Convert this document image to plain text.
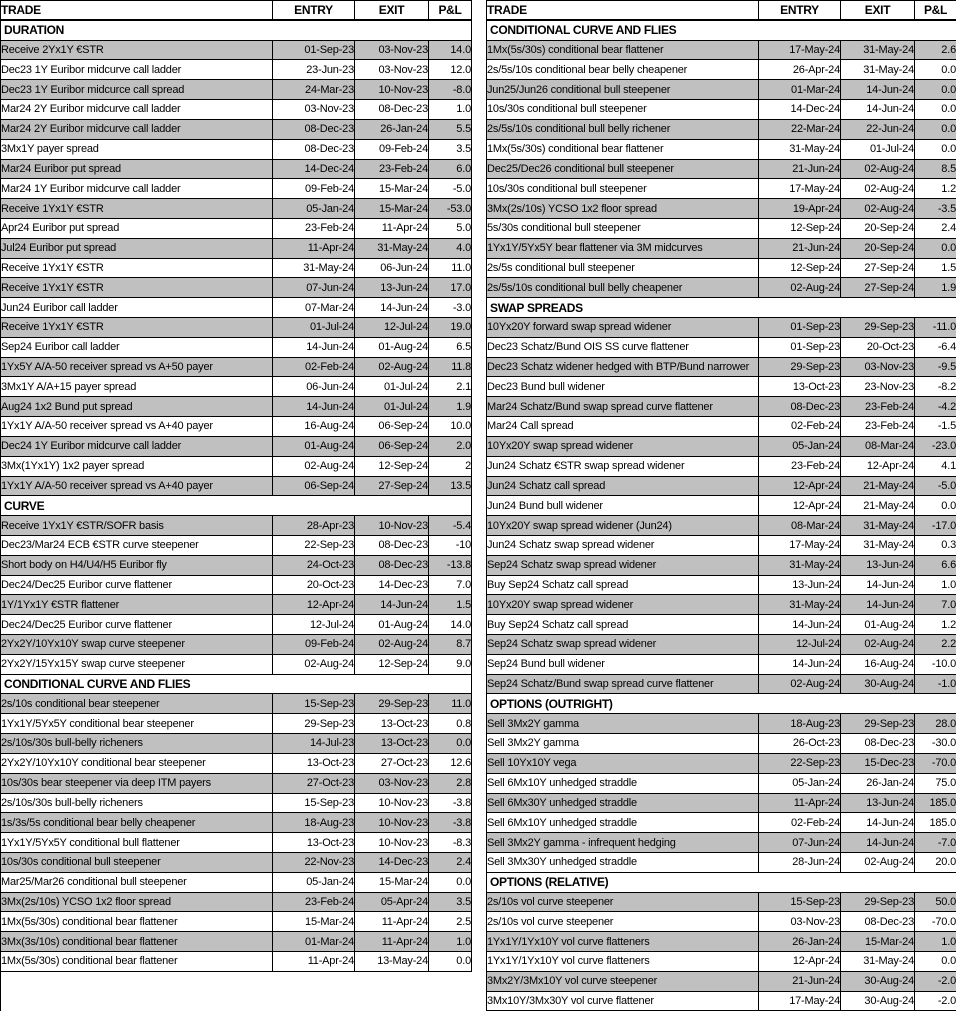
TRADE	ENTRY	EXIT	P&L
DURATION			
Receive 2Yx1Y €STR	01-Sep-23	03-Nov-23	14.0
Dec23 1Y Euribor midcurve call ladder	23-Jun-23	03-Nov-23	12.0
Dec23 1Y Euribor midcurce call spread	24-Mar-23	10-Nov-23	-8.0
Mar24 2Y Euribor midcurve call ladder	03-Nov-23	08-Dec-23	1.0
Mar24 2Y Euribor midcurve call ladder	08-Dec-23	26-Jan-24	5.5
3Mx1Y payer spread	08-Dec-23	09-Feb-24	3.5
Mar24 Euribor put spread	14-Dec-24	23-Feb-24	6.0
Mar24 1Y Euribor midcurve call ladder	09-Feb-24	15-Mar-24	-5.0
Receive 1Yx1Y €STR	05-Jan-24	15-Mar-24	-53.0
Apr24 Euribor put spread	23-Feb-24	11-Apr-24	5.0
Jul24 Euribor put spread	11-Apr-24	31-May-24	4.0
Receive 1Yx1Y €STR	31-May-24	06-Jun-24	11.0
Receive 1Yx1Y €STR	07-Jun-24	13-Jun-24	17.0
Jun24 Euribor call ladder	07-Mar-24	14-Jun-24	-3.0
Receive 1Yx1Y €STR	01-Jul-24	12-Jul-24	19.0
Sep24 Euribor call ladder	14-Jun-24	01-Aug-24	6.5
1Yx5Y A/A-50 receiver spread vs A+50 payer	02-Feb-24	02-Aug-24	11.8
3Mx1Y A/A+15 payer spread	06-Jun-24	01-Jul-24	2.1
Aug24 1x2 Bund put spread	14-Jun-24	01-Jul-24	1.9
1Yx1Y A/A-50 receiver spread vs A+40 payer	16-Aug-24	06-Sep-24	10.0
Dec24 1Y Euribor midcurve call ladder	01-Aug-24	06-Sep-24	2.0
3Mx(1Yx1Y) 1x2 payer spread	02-Aug-24	12-Sep-24	2
1Yx1Y A/A-50 receiver spread vs A+40 payer	06-Sep-24	27-Sep-24	13.5
CURVE			
Receive 1Yx1Y €STR/SOFR basis	28-Apr-23	10-Nov-23	-5.4
Dec23/Mar24 ECB €STR curve steepener	22-Sep-23	08-Dec-23	-10
Short body on H4/U4/H5 Euribor fly	24-Oct-23	08-Dec-23	-13.8
Dec24/Dec25 Euribor curve flattener	20-Oct-23	14-Dec-23	7.0
1Y/1Yx1Y €STR flattener	12-Apr-24	14-Jun-24	1.5
Dec24/Dec25 Euribor curve flattener	12-Jul-24	01-Aug-24	14.0
2Yx2Y/10Yx10Y swap curve steepener	09-Feb-24	02-Aug-24	8.7
2Yx2Y/15Yx15Y swap curve steepener	02-Aug-24	12-Sep-24	9.0
CONDITIONAL CURVE AND FLIES			
2s/10s conditional bear steepener	15-Sep-23	29-Sep-23	11.0
1Yx1Y/5Yx5Y conditional bear steepener	29-Sep-23	13-Oct-23	0.8
2s/10s/30s bull-belly richeners	14-Jul-23	13-Oct-23	0.0
2Yx2Y/10Yx10Y conditional bear steepener	13-Oct-23	27-Oct-23	12.6
10s/30s bear steepener via deep ITM payers	27-Oct-23	03-Nov-23	2.8
2s/10s/30s bull-belly richeners	15-Sep-23	10-Nov-23	-3.8
1s/3s/5s conditional bear belly cheapener	18-Aug-23	10-Nov-23	-3.8
1Yx1Y/5Yx5Y conditional bull flattener	13-Oct-23	10-Nov-23	-8.3
10s/30s conditional bull steepener	22-Nov-23	14-Dec-23	2.4
Mar25/Mar26 conditional bull steepener	05-Jan-24	15-Mar-24	0.0
3Mx(2s/10s) YCSO 1x2 floor spread	23-Feb-24	05-Apr-24	3.5
1Mx(5s/30s) conditional bear flattener	15-Mar-24	11-Apr-24	2.5
3Mx(3s/10s) conditional bear flattener	01-Mar-24	11-Apr-24	1.0
1Mx(5s/30s) conditional bear flattener	11-Apr-24	13-May-24	0.0
TRADE	ENTRY	EXIT	P&L
CONDITIONAL CURVE AND FLIES			
1Mx(5s/30s) conditional bear flattener	17-May-24	31-May-24	2.6
2s/5s/10s conditional bear belly cheapener	26-Apr-24	31-May-24	0.0
Jun25/Jun26 conditional bull steepener	01-Mar-24	14-Jun-24	0.0
10s/30s conditional bull steepener	14-Dec-24	14-Jun-24	0.0
2s/5s/10s conditional bull belly richener	22-Mar-24	22-Jun-24	0.0
1Mx(5s/30s) conditional bear flattener	31-May-24	01-Jul-24	0.0
Dec25/Dec26 conditional bull steepener	21-Jun-24	02-Aug-24	8.5
10s/30s conditional bull steepener	17-May-24	02-Aug-24	1.2
3Mx(2s/10s) YCSO 1x2 floor spread	19-Apr-24	02-Aug-24	-3.5
5s/30s conditional bull steepener	12-Sep-24	20-Sep-24	2.4
1Yx1Y/5Yx5Y bear flattener via 3M midcurves	21-Jun-24	20-Sep-24	0.0
2s/5s conditional bull steepener	12-Sep-24	27-Sep-24	1.5
2s/5s/10s conditional bull belly cheapener	02-Aug-24	27-Sep-24	1.9
SWAP SPREADS			
10Yx20Y forward swap spread widener	01-Sep-23	29-Sep-23	-11.0
Dec23 Schatz/Bund OIS SS curve flattener	01-Sep-23	20-Oct-23	-6.4
Dec23 Schatz widener hedged with BTP/Bund narrower	29-Sep-23	03-Nov-23	-9.5
Dec23 Bund bull widener	13-Oct-23	23-Nov-23	-8.2
Mar24 Schatz/Bund swap spread curve flattener	08-Dec-23	23-Feb-24	-4.2
Mar24 Call spread	02-Feb-24	23-Feb-24	-1.5
10Yx20Y swap spread widener	05-Jan-24	08-Mar-24	-23.0
Jun24 Schatz €STR swap spread widener	23-Feb-24	12-Apr-24	4.1
Jun24 Schatz call spread	12-Apr-24	21-May-24	-5.0
Jun24 Bund bull widener	12-Apr-24	21-May-24	0.0
10Yx20Y swap spread widener (Jun24)	08-Mar-24	31-May-24	-17.0
Jun24 Schatz swap spread widener	17-May-24	31-May-24	0.3
Sep24 Schatz swap spread widener	31-May-24	13-Jun-24	6.6
Buy Sep24 Schatz call spread	13-Jun-24	14-Jun-24	1.0
10Yx20Y swap spread widener	31-May-24	14-Jun-24	7.0
Buy Sep24 Schatz call spread	14-Jun-24	01-Aug-24	1.2
Sep24 Schatz swap spread widener	12-Jul-24	02-Aug-24	2.2
Sep24 Bund bull widener	14-Jun-24	16-Aug-24	-10.0
Sep24 Schatz/Bund swap spread curve flattener	02-Aug-24	30-Aug-24	-1.0
OPTIONS (OUTRIGHT)			
Sell 3Mx2Y gamma	18-Aug-23	29-Sep-23	28.0
Sell 3Mx2Y gamma	26-Oct-23	08-Dec-23	-30.0
Sell 10Yx10Y vega	22-Sep-23	15-Dec-23	-70.0
Sell 6Mx10Y unhedged straddle	05-Jan-24	26-Jan-24	75.0
Sell 6Mx30Y unhedged straddle	11-Apr-24	13-Jun-24	185.0
Sell 6Mx10Y unhedged straddle	02-Feb-24	14-Jun-24	185.0
Sell 3Mx2Y gamma - infrequent hedging	07-Jun-24	14-Jun-24	-7.0
Sell 3Mx30Y unhedged straddle	28-Jun-24	02-Aug-24	20.0
OPTIONS (RELATIVE)			
2s/10s vol curve steepener	15-Sep-23	29-Sep-23	50.0
2s/10s vol curve steepener	03-Nov-23	08-Dec-23	-70.0
1Yx1Y/1Yx10Y vol curve flatteners	26-Jan-24	15-Mar-24	1.0
1Yx1Y/1Yx10Y vol curve flatteners	12-Apr-24	31-May-24	0.0
3Mx2Y/3Mx10Y vol curve steepener	21-Jun-24	30-Aug-24	-2.0
3Mx10Y/3Mx30Y vol curve flattener	17-May-24	30-Aug-24	-2.0
